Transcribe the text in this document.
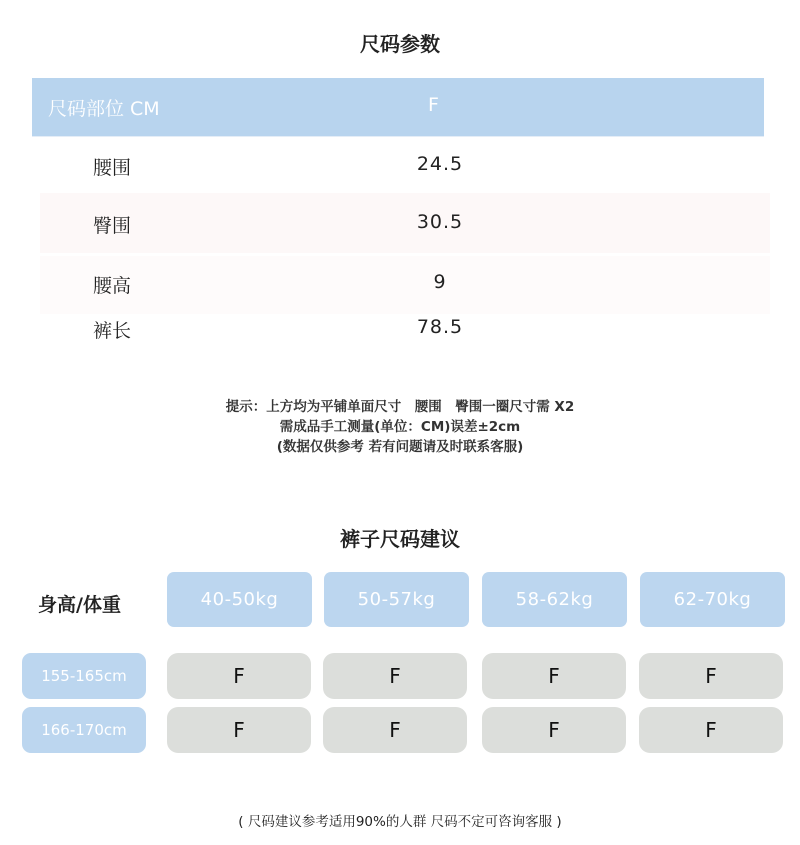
尺码参数
尺码部位 CM	F
腰围	24.5
臀围	30.5
腰高	9
裤长	78.5
提示：上方均为平铺单面尺寸　腰围　臀围一圈尺寸需 X2
需成品手工测量(单位：CM)误差±2cm
(数据仅供参考 若有问题请及时联系客服)
裤子尺码建议
身高/体重	40-50kg	50-57kg	58-62kg	62-70kg
155-165cm	F	F	F	F
166-170cm	F	F	F	F
( 尺码建议参考适用90%的人群 尺码不定可咨询客服 )
